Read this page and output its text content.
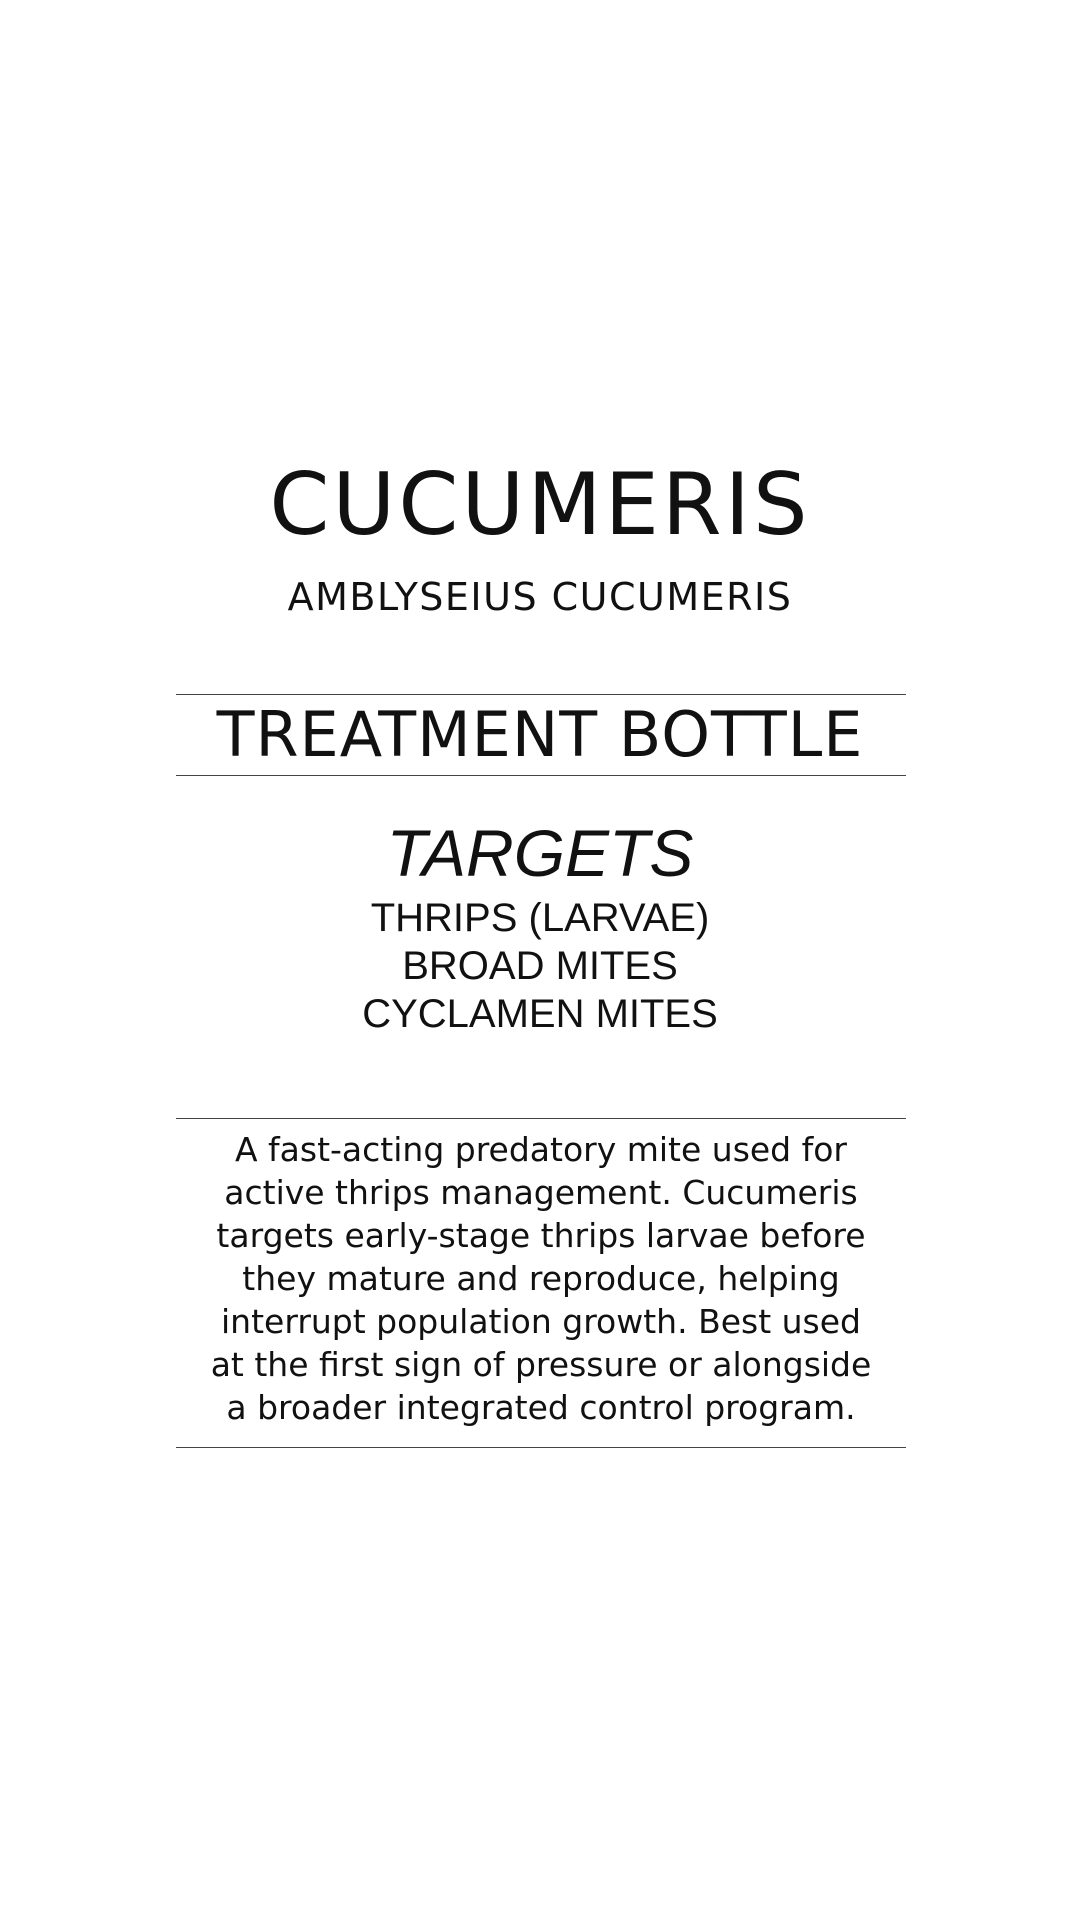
CUCUMERIS
AMBLYSEIUS CUCUMERIS
TREATMENT BOTTLE
TARGETS
THRIPS (LARVAE)
BROAD MITES
CYCLAMEN MITES
A fast-acting predatory mite used for
active thrips management. Cucumeris
targets early-stage thrips larvae before
they mature and reproduce, helping
interrupt population growth. Best used
at the first sign of pressure or alongside
a broader integrated control program.
